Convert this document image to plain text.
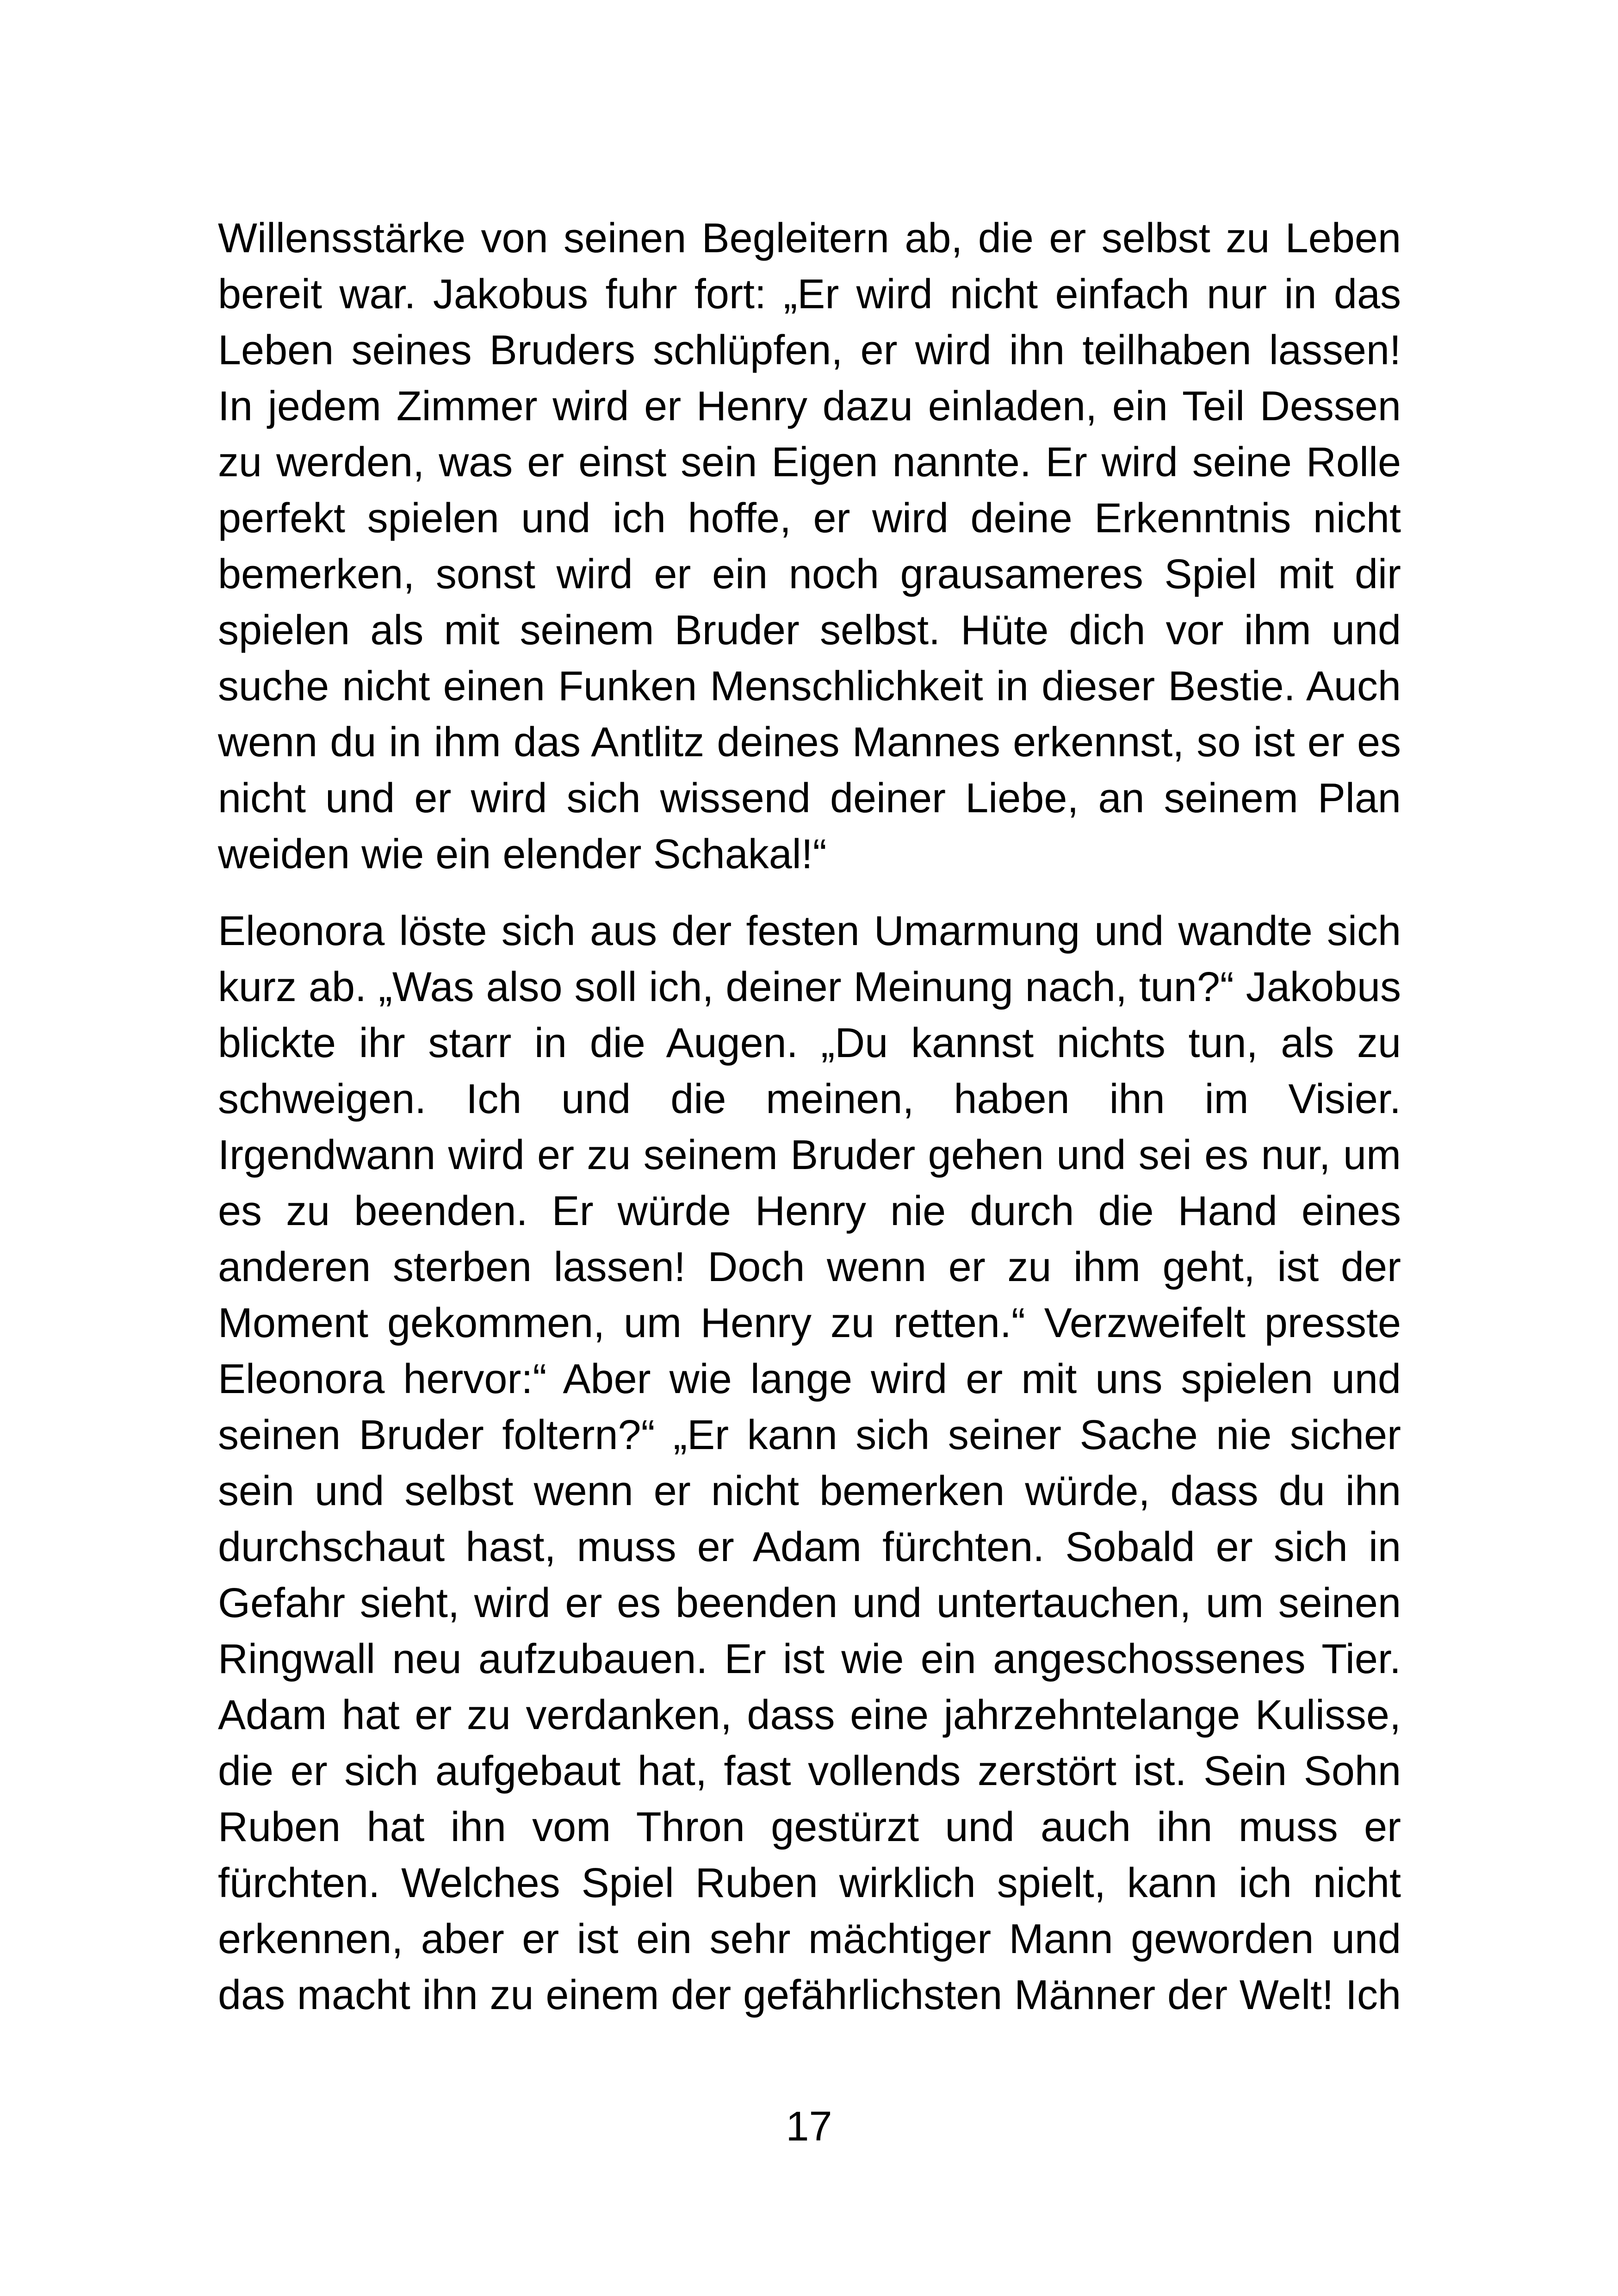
Willensstärke von seinen Begleitern ab, die er selbst zu Leben
bereit war. Jakobus fuhr fort: „Er wird nicht einfach nur in das
Leben seines Bruders schlüpfen, er wird ihn teilhaben lassen!
In jedem Zimmer wird er Henry dazu einladen, ein Teil Dessen
zu werden, was er einst sein Eigen nannte. Er wird seine Rolle
perfekt spielen und ich hoffe, er wird deine Erkenntnis nicht
bemerken, sonst wird er ein noch grausameres Spiel mit dir
spielen als mit seinem Bruder selbst. Hüte dich vor ihm und
suche nicht einen Funken Menschlichkeit in dieser Bestie. Auch
wenn du in ihm das Antlitz deines Mannes erkennst, so ist er es
nicht und er wird sich wissend deiner Liebe, an seinem Plan
weiden wie ein elender Schakal!“
Eleonora löste sich aus der festen Umarmung und wandte sich
kurz ab. „Was also soll ich, deiner Meinung nach, tun?“ Jakobus
blickte ihr starr in die Augen. „Du kannst nichts tun, als zu
schweigen. Ich und die meinen, haben ihn im Visier.
Irgendwann wird er zu seinem Bruder gehen und sei es nur, um
es zu beenden. Er würde Henry nie durch die Hand eines
anderen sterben lassen! Doch wenn er zu ihm geht, ist der
Moment gekommen, um Henry zu retten.“ Verzweifelt presste
Eleonora hervor:“ Aber wie lange wird er mit uns spielen und
seinen Bruder foltern?“ „Er kann sich seiner Sache nie sicher
sein und selbst wenn er nicht bemerken würde, dass du ihn
durchschaut hast, muss er Adam fürchten. Sobald er sich in
Gefahr sieht, wird er es beenden und untertauchen, um seinen
Ringwall neu aufzubauen. Er ist wie ein angeschossenes Tier.
Adam hat er zu verdanken, dass eine jahrzehntelange Kulisse,
die er sich aufgebaut hat, fast vollends zerstört ist. Sein Sohn
Ruben hat ihn vom Thron gestürzt und auch ihn muss er
fürchten. Welches Spiel Ruben wirklich spielt, kann ich nicht
erkennen, aber er ist ein sehr mächtiger Mann geworden und
das macht ihn zu einem der gefährlichsten Männer der Welt! Ich
17
